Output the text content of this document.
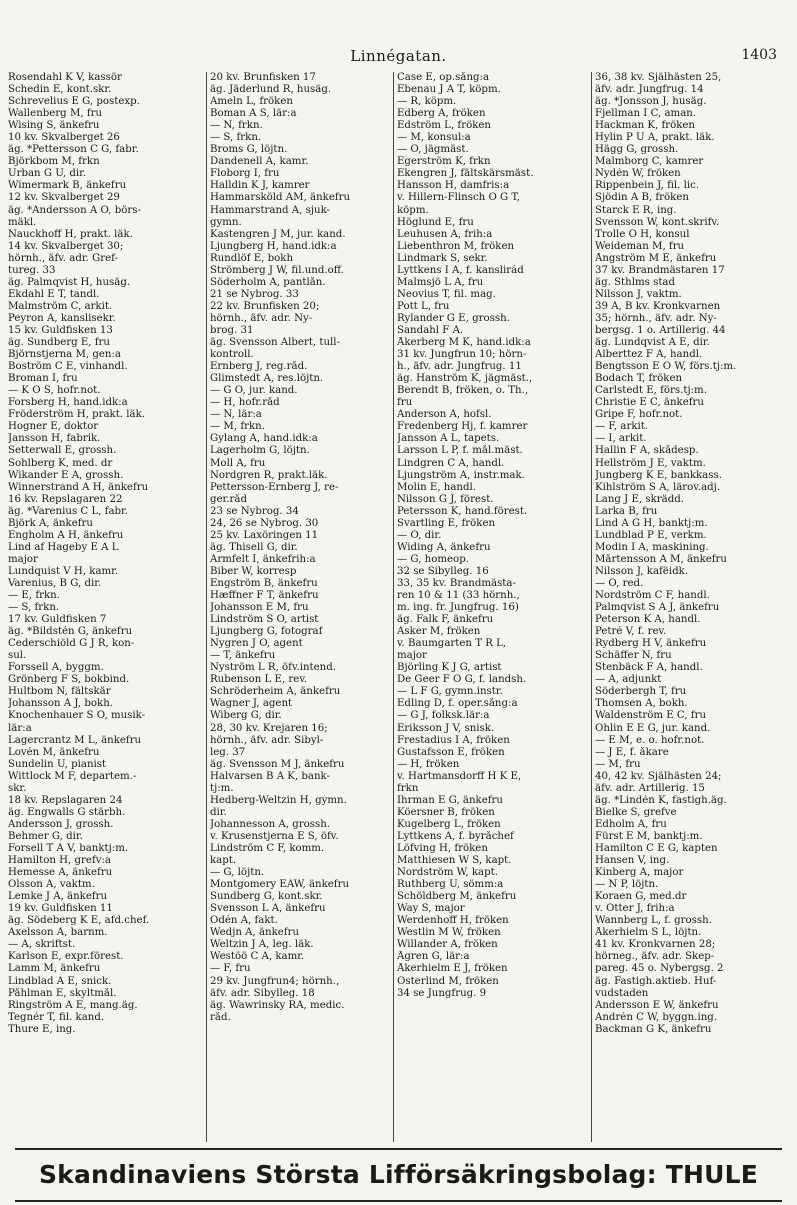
Linnégatan.	1403
Rosendahl K V, kassör
Schedin E, kont.skr.
Schrevelius E G, postexp.
Wallenberg M, fru
Wising S, änkefru
10 kv. Skvalberget 26
äg. *Pettersson C G, fabr.
Björkbom M, frkn
Urban G U, dir.
Wimermark B, änkefru
12 kv. Skvalberget 29
äg. *Andersson A O, börs-
mäkl.
Nauckhoff H, prakt. läk.
14 kv. Skvalberget 30;
hörnh., äfv. adr. Gref-
tureg. 33
äg. Palmqvist H, husäg.
Ekdahl E T, tandl.
Malmström C, arkit.
Peyron A, kanslisekr.
15 kv. Guldfisken 13
äg. Sundberg E, fru
Björnstjerna M, gen:a
Boström C E, vinhandl.
Broman I, fru
— K O S, hofr.not.
Forsberg H, hand.idk:a
Fröderström H, prakt. läk.
Hogner E, doktor
Jansson H, fabrik.
Setterwall E, grossh.
Sohlberg K, med. dr
Wikander E A, grossh.
Winnerstrand A H, änkefru
16 kv. Repslagaren 22
äg. *Varenius C L, fabr.
Björk A, änkefru
Engholm A H, änkefru
Lind af Hageby E A L
major
Lundquist V H, kamr.
Varenius, B G, dir.
— E, frkn.
— S, frkn.
17 kv. Guldfisken 7
äg. *Bildstén G, änkefru
Cederschiöld G J R, kon-
sul.
Forssell A, byggm.
Grönberg F S, bokbind.
Hultbom N, fältskär
Johansson A J, bokh.
Knochenhauer S O, musik-
lär:a
Lagercrantz M L, änkefru
Lovén M, änkefru
Sundelin U, pianist
Wittlock M F, departem.-
skr.
18 kv. Repslagaren 24
äg. Engwalls G stärbh.
Andersson J, grossh.
Behmer G, dir.
Forsell T A V, banktj:m.
Hamilton H, grefv:a
Hemesse A, änkefru
Olsson A, vaktm.
Lemke J A, änkefru
19 kv. Guldfisken 11
äg. Södeberg K E, afd.chef.
Axelsson A, barnm.
— A, skriftst.
Karlson E, expr.förest.
Lamm M, änkefru
Lindblad A E, snick.
Påhlman E, skyltmål.
Ringström A E, mang.äg.
Tegnér T, fil. kand.
Thure E, ing.
20 kv. Brunfisken 17
äg. Jäderlund R, husäg.
Ameln L, fröken
Boman A S, lär:a
— N, frkn.
— S, frkn.
Broms G, löjtn.
Dandenell A, kamr.
Floborg I, fru
Halldin K J, kamrer
Hammarsköld AM, änkefru
Hammarstrand A, sjuk-
gymn.
Kastengren J M, jur. kand.
Ljungberg H, hand.idk:a
Rundlöf E, bokh
Strömberg J W, fil.und.off.
Söderholm A, pantlån.
21 se Nybrog. 33
22 kv. Brunfisken 20;
hörnh., äfv. adr. Ny-
brog. 31
äg. Svensson Albert, tull-
kontroll.
Ernberg J, reg.råd.
Glimstedt A, res.löjtn.
— G O, jur. kand.
— H, hofr.råd
— N, lär:a
— M, frkn.
Gylang A, hand.idk:a
Lagerholm G, löjtn.
Moll A, fru
Nordgren R, prakt.läk.
Pettersson-Ernberg J, re-
ger.råd
23 se Nybrog. 34
24, 26 se Nybrog. 30
25 kv. Laxöringen 11
äg. Thisell G, dir.
Armfelt I, änkefrih:a
Biber W, korresp
Engström B, änkefru
Hæffner F T, änkefru
Johansson E M, fru
Lindström S O, artist
Ljungberg G, fotograf
Nygren J O, agent
— T, änkefru
Nyström L R, öfv.intend.
Rubenson L E, rev.
Schröderheim A, änkefru
Wagner J, agent
Wiberg G, dir.
28, 30 kv. Krejaren 16;
hörnh., äfv. adr. Sibyl-
leg. 37
äg. Svensson M J, änkefru
Halvarsen B A K, bank-
tj:m.
Hedberg-Weltzin H, gymn.
dir.
Johannesson A, grossh.
v. Krusenstjerna E S, öfv.
Lindström C F, komm.
kapt.
— G, löjtn.
Montgomery EAW, änkefru
Sundberg G, kont.skr.
Svensson L A, änkefru
Odén A, fakt.
Wedjn A, änkefru
Weltzin J A, leg. läk.
Westöö C A, kamr.
— F, fru
29 kv. Jungfrun4; hörnh.,
äfv. adr. Sibylleg. 18
äg. Wawrinsky RA, medic.
råd.
Case E, op.sång:a
Ebenau J A T, köpm.
— R, köpm.
Edberg A, fröken
Edström L, fröken
— M, konsul:a
— O, jägmäst.
Egerström K, frkn
Ekengren J, fältskärsmäst.
Hansson H, damfris:a
v. Hillern-Flinsch O G T,
köpm.
Höglund E, fru
Leuhusen A, frih:a
Liebenthron M, fröken
Lindmark S, sekr.
Lyttkens I A, f. kanslirád
Malmsjö L A, fru
Neovius T, fil. mag.
Pott L, fru
Rylander G E, grossh.
Sandahl F A.
Åkerberg M K, hand.idk:a
31 kv. Jungfrun 10; hörn-
h., äfv. adr. Jungfrug. 11
äg. Hanström K, jägmäst.,
Berendt B, fröken, o. Th.,
fru
Anderson A, hofsl.
Fredenberg Hj, f. kamrer
Jansson A L, tapets.
Larsson L P, f. mål.mäst.
Lindgren C A, handl.
Ljungström A, instr.mak.
Molin E, handl.
Nilsson G J, förest.
Petersson K, hand.förest.
Svartling E, fröken
— O, dir.
Widing A, änkefru
— G, homeop.
32 se Sibylleg. 16
33, 35 kv. Brandmästa-
ren 10 & 11 (33 hörnh.,
m. ing. fr. Jungfrug. 16)
äg. Falk F, änkefru
Asker M, fröken
v. Baumgarten T R L,
major
Björling K J G, artist
De Geer F O G, f. landsh.
— L F G, gymn.instr.
Edling D, f. oper.sång:a
— G J, folksk.lär:a
Eriksson J V, snisk.
Frestadius I A, fröken
Gustafsson E, fröken
— H, fröken
v. Hartmansdorff H K E,
frkn
Ihrman E G, änkefru
Köersner B, fröken
Kugelberg L, fröken
Lyttkens A, f. byråchef
Löfving H, fröken
Matthiesen W S, kapt.
Nordström W, kapt.
Ruthberg U, sömm:a
Schöldberg M, änkefru
Way S, major
Werdenhoff H, fröken
Westlin M W, fröken
Willander A, fröken
Ågren G, lär:a
Åkerhielm E J, fröken
Österlind M, fröken
34 se Jungfrug. 9
36, 38 kv. Själhästen 25,
äfv. adr. Jungfrug. 14
äg. *Jonsson J, husäg.
Fjellman I C, aman.
Hackman K, fröken
Hylin P U A, prakt. läk.
Hägg G, grossh.
Malmborg C, kamrer
Nydén W, fröken
Rippenbein J, fil. lic.
Sjödin A B, fröken
Starck E R, ing.
Svensson W, kont.skrifv.
Trolle O H, konsul
Weideman M, fru
Ångström M E, änkefru
37 kv. Brandmästaren 17
äg. Sthlms stad
Nilsson J, vaktm.
39 A, B kv. Kronkvarnen
35; hörnh., äfv. adr. Ny-
bergsg. 1 o. Artillerig. 44
äg. Lundqvist A E, dir.
Alberttez F A, handl.
Bengtsson E O W, förs.tj:m.
Bodach T, fröken
Carlstedt E, förs.tj:m.
Christie E C, änkefru
Gripe F, hofr.not.
— F, arkit.
— I, arkit.
Hallin F A, skådesp.
Hellström J E, vaktm.
Jungberg K E, bankkass.
Kihlström S A, lärov.adj.
Lang J E, skrädd.
Larka B, fru
Lind A G H, banktj:m.
Lundblad P E, verkm.
Modin I A, maskining.
Mårtensson A M, änkefru
Nilsson J, kafëidk.
— O, red.
Nordström C F, handl.
Palmqvist S A J, änkefru
Peterson K A, handl.
Petré V, f. rev.
Rydberg H V, änkefru
Schäffer N, fru
Stenbäck F A, handl.
— A, adjunkt
Söderbergh T, fru
Thomsen A, bokh.
Waldenström E C, fru
Öhlin E E G, jur. kand.
— E M, e. o. hofr.not.
— J E, f. åkare
— M, fru
40, 42 kv. Själhästen 24;
äfv. adr. Artillerig. 15
äg. *Lindén K, fastigh.äg.
Bielke S, grefve
Edholm A, fru
Fürst E M, banktj:m.
Hamilton C E G, kapten
Hansen V, ing.
Kinberg A, major
— N P, löjtn.
Koraen G, med.dr
v. Otter J, frih:a
Wannberg L, f. grossh.
Åkerhielm S L, löjtn.
41 kv. Kronkvarnen 28;
hörneg., äfv. adr. Skep-
pareg. 45 o. Nybergsg. 2
äg. Fastigh.aktieb. Huf-
vudstaden
Andersson E W, änkefru
Andrén C W, byggn.ing.
Backman G K, änkefru
Skandinaviens Största Lifförsäkringsbolag: THULE
